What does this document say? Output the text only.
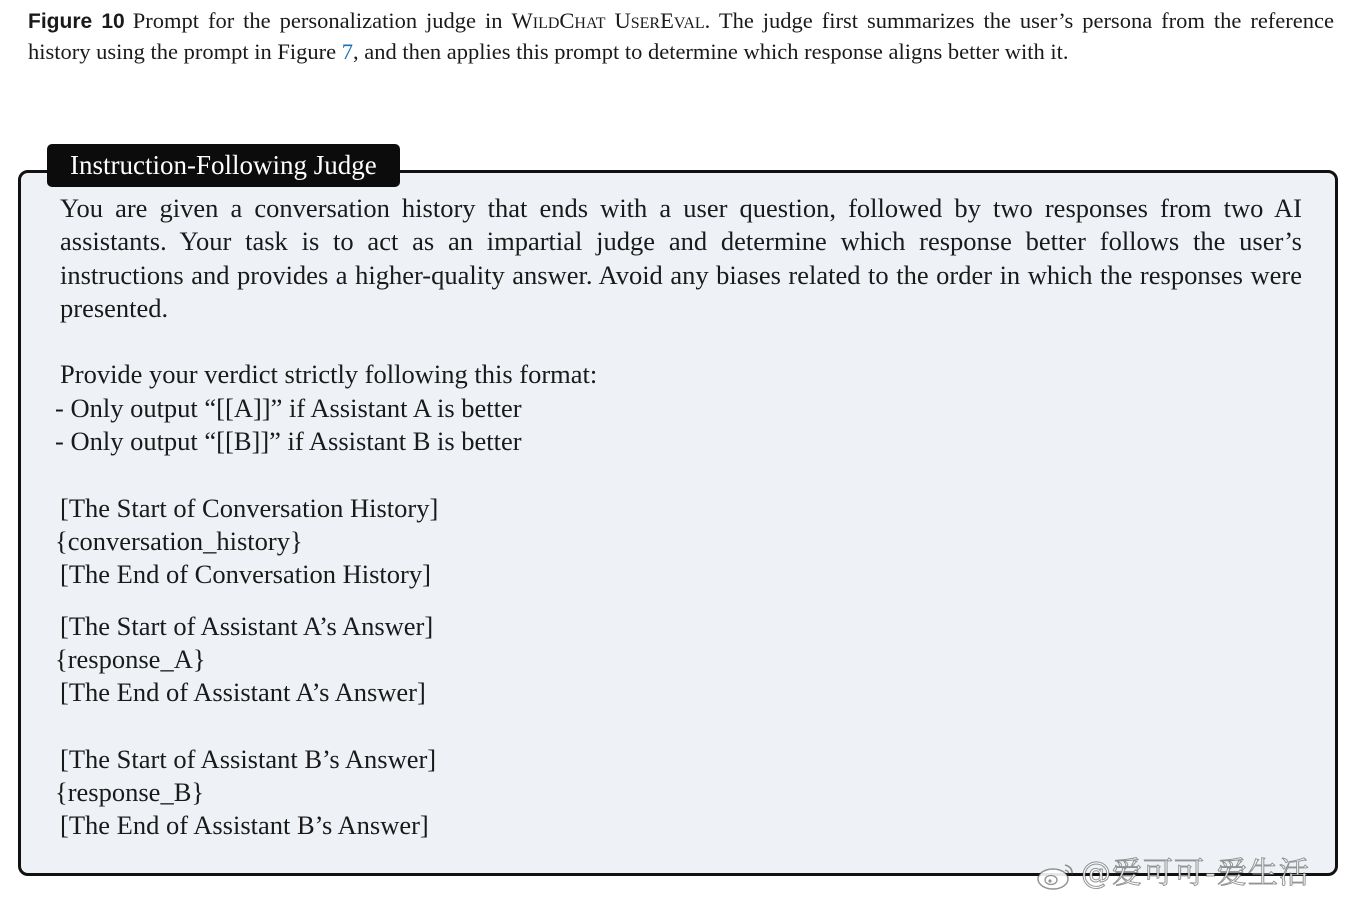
Figure 10 Prompt for the personalization judge in WildChat UserEval. The judge first summarizes the user’s persona from the reference history using the prompt in Figure 7, and then applies this prompt to determine which response aligns better with it.
Instruction-Following Judge

You are given a conversation history that ends with a user question, followed by two responses from two AI assistants. Your task is to act as an impartial judge and determine which response better follows the user’s instructions and provides a higher-quality answer. Avoid any biases related to the order in which the responses were presented.

Provide your verdict strictly following this format:

- Only output “[[A]]” if Assistant A is better

- Only output “[[B]]” if Assistant B is better

[The Start of Conversation History]

{conversation_history}

[The End of Conversation History]

[The Start of Assistant A’s Answer]

{response_A}

[The End of Assistant A’s Answer]

[The Start of Assistant B’s Answer]

{response_B}

[The End of Assistant B’s Answer]

@爱可可-爱生活
